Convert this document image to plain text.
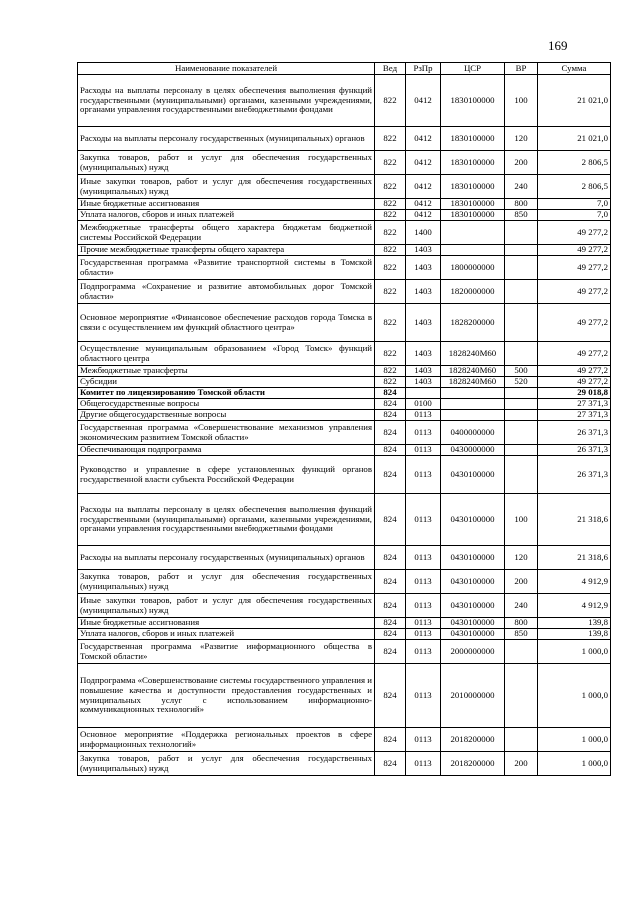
169
Наименование показателей	Вед	РзПр	ЦСР	ВР	Сумма
Расходы на выплаты персоналу в целях обеспечения выполнения функций государственными (муниципальными) органами, казенными учреждениями, органами управления государственными внебюджетными фондами	822	0412	1830100000	100	21 021,0
Расходы на выплаты персоналу государственных (муниципальных) органов	822	0412	1830100000	120	21 021,0
Закупка товаров, работ и услуг для обеспечения государственных (муниципальных) нужд	822	0412	1830100000	200	2 806,5
Иные закупки товаров, работ и услуг для обеспечения государственных (муниципальных) нужд	822	0412	1830100000	240	2 806,5
Иные бюджетные ассигнования	822	0412	1830100000	800	7,0
Уплата налогов, сборов и иных платежей	822	0412	1830100000	850	7,0
Межбюджетные трансферты общего характера бюджетам бюджетной системы Российской Федерации	822	1400			49 277,2
Прочие межбюджетные трансферты общего характера	822	1403			49 277,2
Государственная программа «Развитие транспортной системы в Томской области»	822	1403	1800000000		49 277,2
Подпрограмма «Сохранение и развитие автомобильных дорог Томской области»	822	1403	1820000000		49 277,2
Основное мероприятие «Финансовое обеспечение расходов города Томска в связи с осуществлением им функций областного центра»	822	1403	1828200000		49 277,2
Осуществление муниципальным образованием «Город Томск» функций областного центра	822	1403	1828240М60		49 277,2
Межбюджетные трансферты	822	1403	1828240М60	500	49 277,2
Субсидии	822	1403	1828240М60	520	49 277,2
Комитет по лицензированию Томской области	824				29 018,8
Общегосударственные вопросы	824	0100			27 371,3
Другие общегосударственные вопросы	824	0113			27 371,3
Государственная программа «Совершенствование механизмов управления экономическим развитием Томской области»	824	0113	0400000000		26 371,3
Обеспечивающая подпрограмма	824	0113	0430000000		26 371,3
Руководство и управление в сфере установленных функций органов государственной власти субъекта Российской Федерации	824	0113	0430100000		26 371,3
Расходы на выплаты персоналу в целях обеспечения выполнения функций государственными (муниципальными) органами, казенными учреждениями, органами управления государственными внебюджетными фондами	824	0113	0430100000	100	21 318,6
Расходы на выплаты персоналу государственных (муниципальных) органов	824	0113	0430100000	120	21 318,6
Закупка товаров, работ и услуг для обеспечения государственных (муниципальных) нужд	824	0113	0430100000	200	4 912,9
Иные закупки товаров, работ и услуг для обеспечения государственных (муниципальных) нужд	824	0113	0430100000	240	4 912,9
Иные бюджетные ассигнования	824	0113	0430100000	800	139,8
Уплата налогов, сборов и иных платежей	824	0113	0430100000	850	139,8
Государственная программа «Развитие информационного общества в Томской области»	824	0113	2000000000		1 000,0
Подпрограмма «Совершенствование системы государственного управления и повышение качества и доступности предоставления государственных и муниципальных услуг с использованием информационно-коммуникационных технологий»	824	0113	2010000000		1 000,0
Основное мероприятие «Поддержка региональных проектов в сфере информационных технологий»	824	0113	2018200000		1 000,0
Закупка товаров, работ и услуг для обеспечения государственных (муниципальных) нужд	824	0113	2018200000	200	1 000,0
